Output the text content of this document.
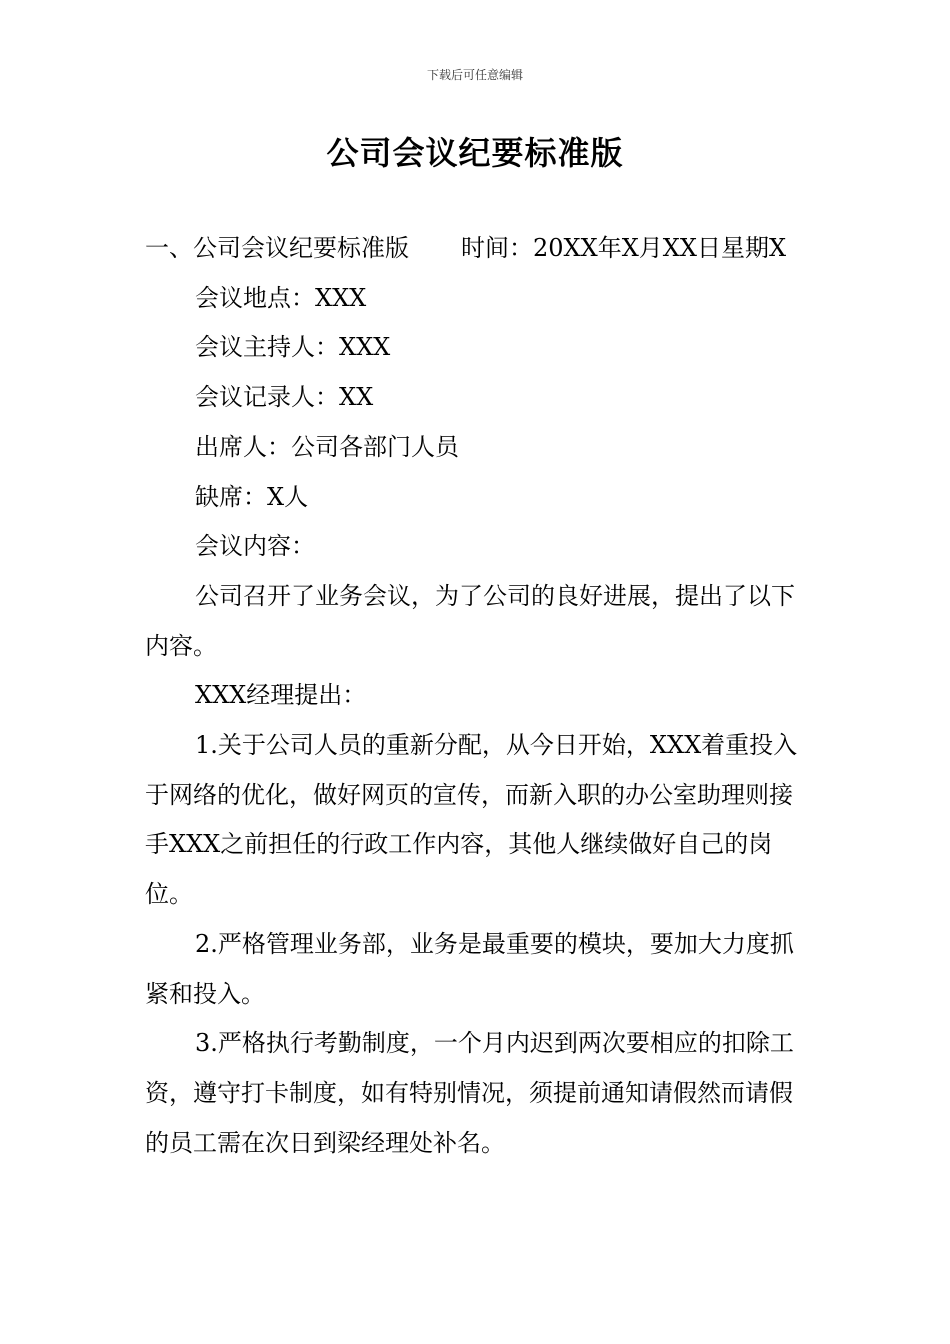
下载后可任意编辑
公司会议纪要标准版

一、公司会议纪要标准版 时间：20XX年X月XX日星期X

会议地点：XXX

会议主持人：XXX

会议记录人：XX

出席人：公司各部门人员

缺席：X人

会议内容：

公司召开了业务会议，为了公司的良好进展，提出了以下内容。

XXX经理提出：

1.关于公司人员的重新分配，从今日开始，XXX着重投入于网络的优化，做好网页的宣传，而新入职的办公室助理则接手XXX之前担任的行政工作内容，其他人继续做好自己的岗位。

2.严格管理业务部，业务是最重要的模块，要加大力度抓紧和投入。

3.严格执行考勤制度，一个月内迟到两次要相应的扣除工资，遵守打卡制度，如有特别情况，须提前通知请假然而请假的员工需在次日到梁经理处补名。
